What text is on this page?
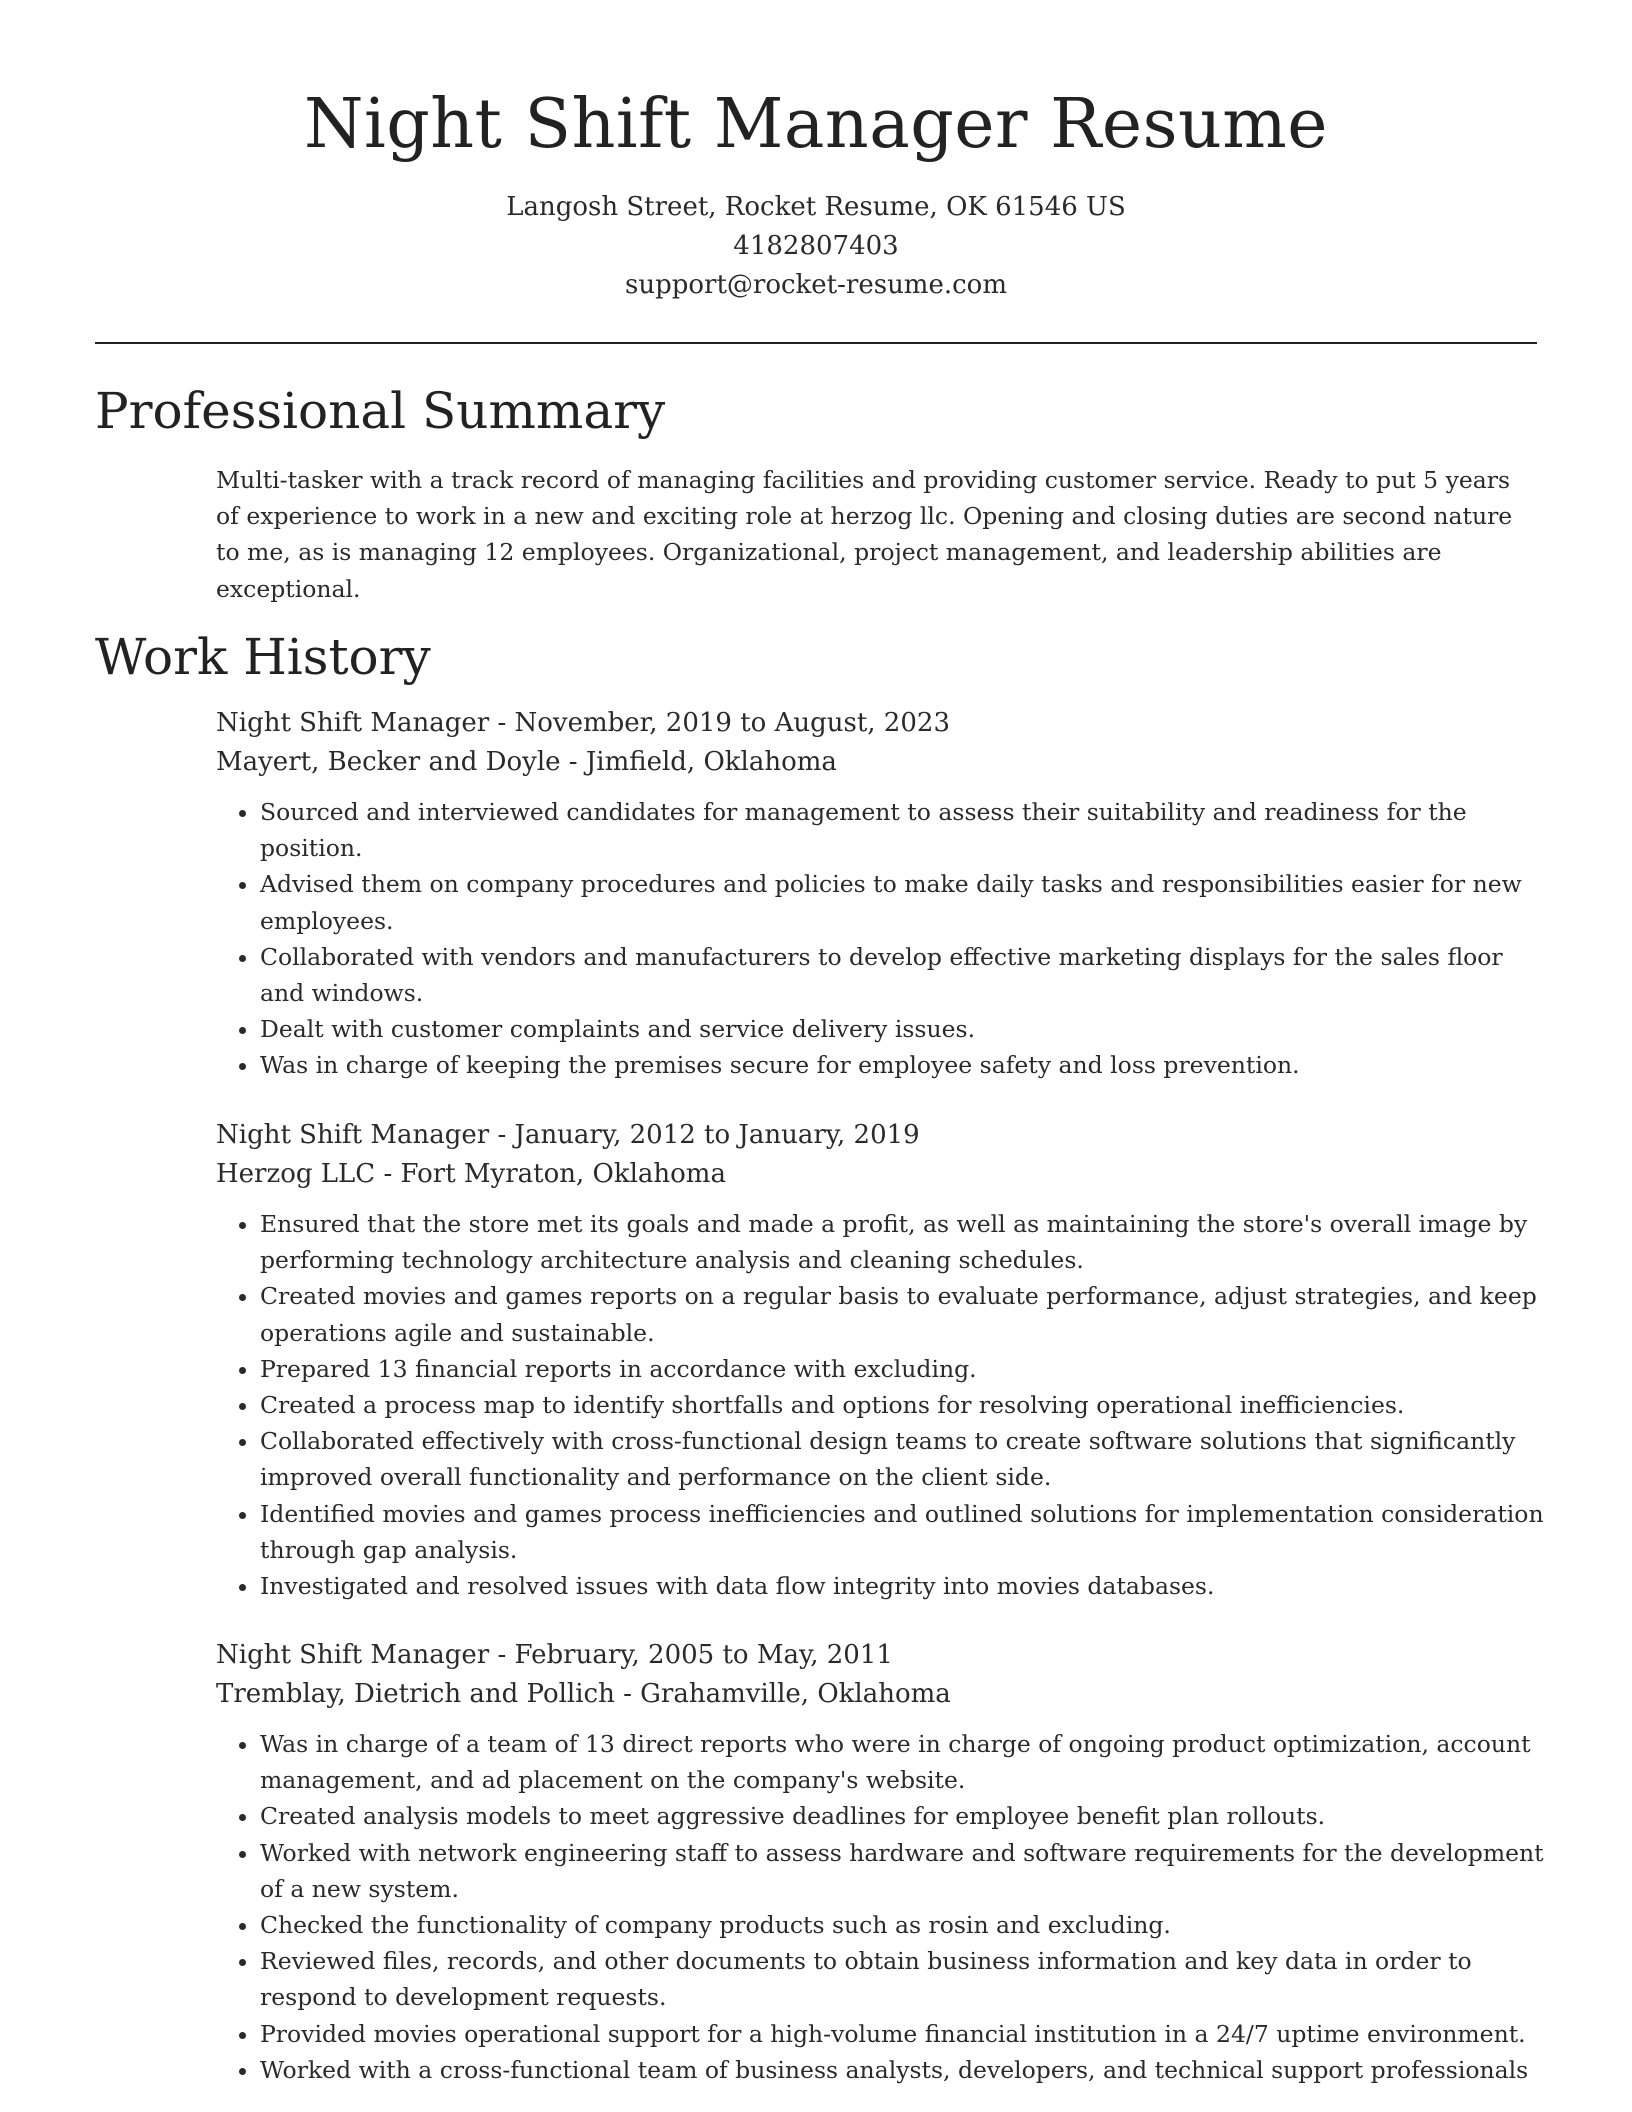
Night Shift Manager Resume
Langosh Street, Rocket Resume, OK 61546 US
4182807403
support@rocket-resume.com
Professional Summary

Multi-tasker with a track record of managing facilities and providing customer service. Ready to put 5 years of experience to work in a new and exciting role at herzog llc. Opening and closing duties are second nature to me, as is managing 12 employees. Organizational, project management, and leadership abilities are exceptional.

Work History
Night Shift Manager - November, 2019 to August, 2023
Mayert, Becker and Doyle - Jimfield, Oklahoma
• Sourced and interviewed candidates for management to assess their suitability and readiness for the position.
• Advised them on company procedures and policies to make daily tasks and responsibilities easier for new employees.
• Collaborated with vendors and manufacturers to develop effective marketing displays for the sales floor and windows.
• Dealt with customer complaints and service delivery issues.
• Was in charge of keeping the premises secure for employee safety and loss prevention.
Night Shift Manager - January, 2012 to January, 2019
Herzog LLC - Fort Myraton, Oklahoma
• Ensured that the store met its goals and made a profit, as well as maintaining the store's overall image by performing technology architecture analysis and cleaning schedules.
• Created movies and games reports on a regular basis to evaluate performance, adjust strategies, and keep operations agile and sustainable.
• Prepared 13 financial reports in accordance with excluding.
• Created a process map to identify shortfalls and options for resolving operational inefficiencies.
• Collaborated effectively with cross-functional design teams to create software solutions that significantly improved overall functionality and performance on the client side.
• Identified movies and games process inefficiencies and outlined solutions for implementation consideration through gap analysis.
• Investigated and resolved issues with data flow integrity into movies databases.
Night Shift Manager - February, 2005 to May, 2011
Tremblay, Dietrich and Pollich - Grahamville, Oklahoma
• Was in charge of a team of 13 direct reports who were in charge of ongoing product optimization, account management, and ad placement on the company's website.
• Created analysis models to meet aggressive deadlines for employee benefit plan rollouts.
• Worked with network engineering staff to assess hardware and software requirements for the development of a new system.
• Checked the functionality of company products such as rosin and excluding.
• Reviewed files, records, and other documents to obtain business information and key data in order to respond to development requests.
• Provided movies operational support for a high-volume financial institution in a 24/7 uptime environment.
• Worked with a cross-functional team of business analysts, developers, and technical support professionals
